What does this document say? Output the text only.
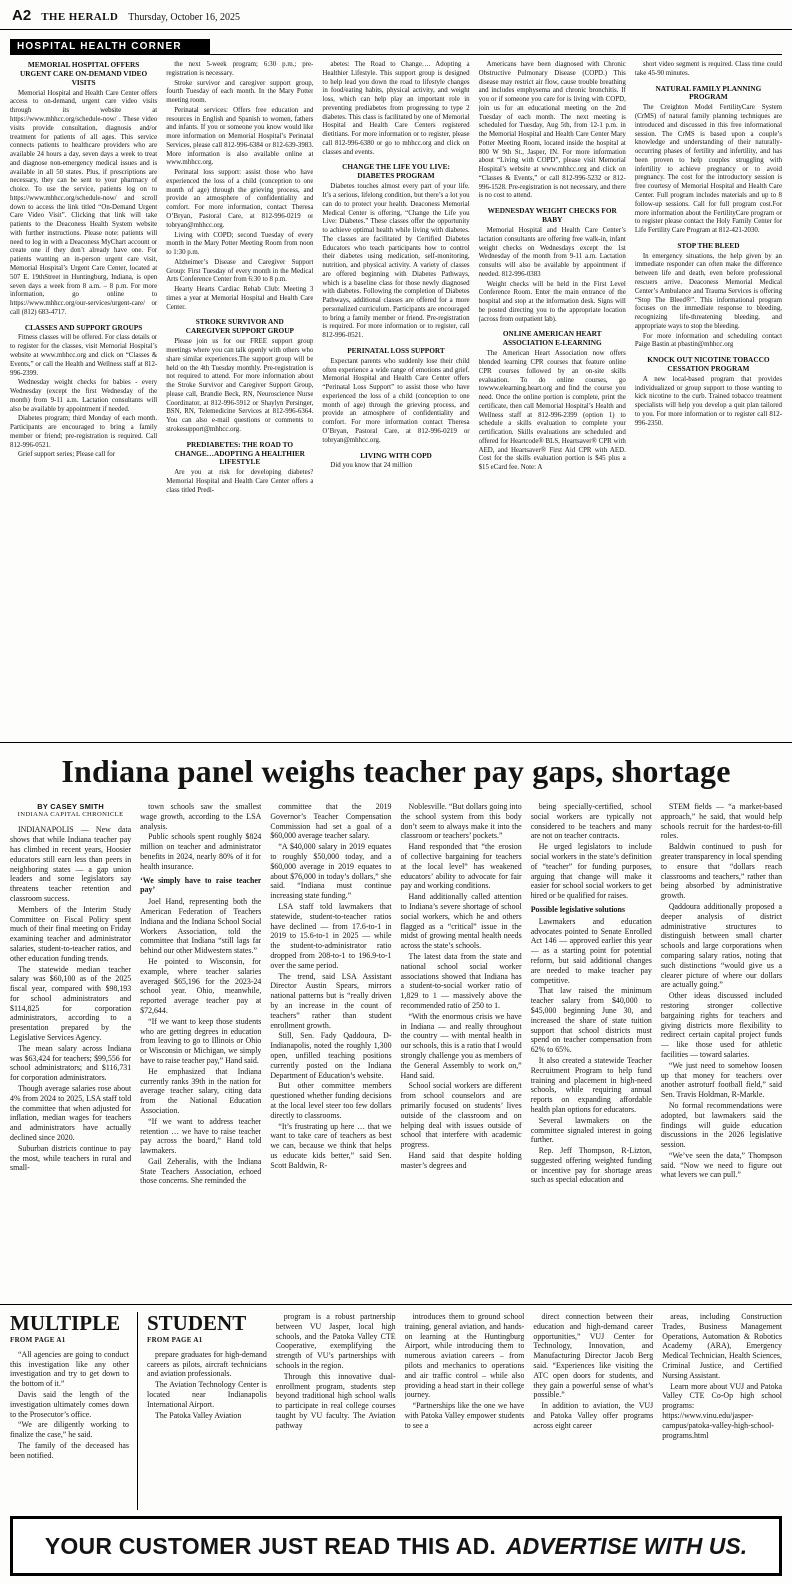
A2 THE HERALD Thursday, October 16, 2025
HOSPITAL HEALTH CORNER
MEMORIAL HOSPITAL OFFERS URGENT CARE ON-DEMAND VIDEO VISITS
Memorial Hospital and Health Care Center offers access to on-demand, urgent care video visits through its website at https://www.mhhcc.org/schedule-now/ . These video visits provide consultation, diagnosis and/or treatment for patients of all ages. This service connects patients to healthcare providers who are available 24 hours a day, seven days a week to treat and diagnose non-emergency medical issues and is available in all 50 states. Plus, if prescriptions are necessary, they can be sent to your pharmacy of choice. To use the service, patients log on to https://www.mhhcc.org/schedule-now/ and scroll down to access the link titled “On-Demand Urgent Care Video Visit”. Clicking that link will take patients to the Deaconess Health System website with further instructions. Please note: patients will need to log in with a Deaconess MyChart account or create one if they don’t already have one. For patients wanting an in-person urgent care visit, Memorial Hospital’s Urgent Care Center, located at 507 E. 19thStreet in Huntingburg, Indiana, is open seven days a week from 8 a.m. – 8 p.m. For more information, go online to https://www.mhhcc.org/our-services/urgent-care/ or call (812) 683-4717.
CLASSES AND SUPPORT GROUPS
Fitness classes will be offered. For class details or to register for the classes, visit Memorial Hospital’s website at www.mhhcc.org and click on “Classes & Events,” or call the Health and Wellness staff at 812-996-2399.
Wednesday weight checks for babies - every Wednesday (except the first Wednesday of the month) from 9-11 a.m. Lactation consultants will also be available by appointment if needed.
Diabetes program; third Monday of each month. Participants are encouraged to bring a family member or friend; pre-registration is required. Call 812-996-0521.
Grief support series; Please call for
the next 5-week program; 6:30 p.m.; pre-registration is necessary.
Stroke survivor and caregiver support group, fourth Tuesday of each month. In the Mary Potter meeting room.
Perinatal services: Offers free education and resources in English and Spanish to women, fathers and infants. If you or someone you know would like more information on Memorial Hospital’s Perinatal Services, please call 812-996-6384 or 812-639-3983. More information is also available online at www.mhhcc.org.
Perinatal loss support: assist those who have experienced the loss of a child (conception to one month of age) through the grieving process, and provide an atmosphere of confidentiality and comfort. For more information, contact Theresa O’Bryan, Pastoral Care, at 812-996-0219 or tobryan@mhhcc.org.
Living with COPD; second Tuesday of every month in the Mary Potter Meeting Room from noon to 1:30 p.m.
Alzheimer’s Disease and Caregiver Support Group: First Tuesday of every month in the Medical Arts Conference Center from 6:30 to 8 p.m.
Hearty Hearts Cardiac Rehab Club: Meeting 3 times a year at Memorial Hospital and Health Care Center.
STROKE SURVIVOR AND CAREGIVER SUPPORT GROUP
Please join us for our FREE support group meetings where you can talk openly with others who share similar experiences.The support group will be held on the 4th Tuesday monthly. Pre-registration is not required to attend. For more information about the Stroke Survivor and Caregiver Support Group, please call, Brandie Beck, RN, Neuroscience Nurse Coordinator, at 812-996-5912 or Shaylyn Persinger, BSN, RN, Telemedicine Services at 812-996-6364. You can also e-mail questions or comments to strokesupport@mhhcc.org.
PREDIABETES: THE ROAD TO CHANGE…ADOPTING A HEALTHIER LIFESTYLE
Are you at risk for developing diabetes? Memorial Hospital and Health Care Center offers a class titled Predi-
abetes: The Road to Change…. Adopting a Healthier Lifestyle. This support group is designed to help lead you down the road to lifestyle changes in food/eating habits, physical activity, and weight loss, which can help play an important role in preventing prediabetes from progressing to type 2 diabetes. This class is facilitated by one of Memorial Hospital and Health Care Centers registered dietitians. For more information or to register, please call 812-996-6380 or go to mhhcc.org and click on classes and events.
CHANGE THE LIFE YOU LIVE: DIABETES PROGRAM
Diabetes touches almost every part of your life. It’s a serious, lifelong condition, but there’s a lot you can do to protect your health. Deaconess Memorial Medical Center is offering, “Change the Life you Live: Diabetes.” These classes offer the opportunity to achieve optimal health while living with diabetes. The classes are facilitated by Certified Diabetes Educators who teach participants how to control their diabetes using medication, self-monitoring, nutrition, and physical activity. A variety of classes are offered beginning with Diabetes Pathways, which is a baseline class for those newly diagnosed with diabetes. Following the completion of Diabetes Pathways, additional classes are offered for a more personalized curriculum. Participants are encouraged to bring a family member or friend. Pre-registration is required. For more information or to register, call 812-996-0521.
PERINATAL LOSS SUPPORT
Expectant parents who suddenly lose their child often experience a wide range of emotions and grief. Memorial Hospital and Health Care Center offers “Perinatal Loss Support” to assist those who have experienced the loss of a child (conception to one month of age) through the grieving process, and provide an atmosphere of confidentiality and comfort. For more information contact Theresa O’Bryan, Pastoral Care, at 812-996-0219 or tobryan@mhhcc.org.
LIVING WITH COPD
Did you know that 24 million
Americans have been diagnosed with Chronic Obstructive Pulmonary Disease (COPD.) This disease may restrict air flow, cause trouble breathing and includes emphysema and chronic bronchitis. If you or if someone you care for is living with COPD, join us for an educational meeting on the 2nd Tuesday of each month. The next meeting is scheduled for Tuesday, Aug 5th, from 12-1 p.m. in the Memorial Hospital and Health Care Center Mary Potter Meeting Room, located inside the hospital at 800 W 9th St., Jasper, IN. For more information about “Living with COPD”, please visit Memorial Hospital’s website at www.mhhcc.org and click on “Classes & Events,” or call 812-996-5232 or 812-996-1528. Pre-registration is not necessary, and there is no cost to attend.
WEDNESDAY WEIGHT CHECKS FOR BABY
Memorial Hospital and Health Care Center’s lactation consultants are offering free walk-in, infant weight checks on Wednesdays except the 1st Wednesday of the month from 9-11 a.m. Lactation consults will also be available by appointment if needed. 812-996-0383
Weight checks will be held in the First Level Conference Room. Enter the main entrance of the hospital and stop at the information desk. Signs will be posted directing you to the appropriate location (across from outpatient lab).
ONLINE AMERICAN HEART ASSOCIATION E-LEARNING
The American Heart Association now offers blended learning CPR courses that feature online CPR courses followed by an on-site skills evaluation. To do online courses, go towww.elearning.heart.org and find the course you need. Once the online portion is complete, print the certificate, then call Memorial Hospital’s Health and Wellness staff at 812-996-2399 (option 1) to schedule a skills evaluation to complete your certification. Skills evaluations are scheduled and offered for Heartcode® BLS, Heartsaver® CPR with AED, and Heartsaver® First Aid CPR with AED. Cost for the skills evaluation portion is $45 plus a $15 eCard fee. Note: A
short video segment is required. Class time could take 45-90 minutes.
NATURAL FAMILY PLANNING PROGRAM
The Creighton Model FertilityCare System (CrMS) of natural family planning techniques are introduced and discussed in this free informational session. The CrMS is based upon a couple’s knowledge and understanding of their naturally-occurring phases of fertility and infertility, and has been proven to help couples struggling with infertility to achieve pregnancy or to avoid pregnancy. The cost for the introductory session is free courtesy of Memorial Hospital and Health Care Center. Full program includes materials and up to 8 follow-up sessions. Call for full program cost.For more information about the FertilityCare program or to register please contact the Holy Family Center for Life Fertility Care Program at 812-421-2030.
STOP THE BLEED
In emergency situations, the help given by an immediate responder can often make the difference between life and death, even before professional rescuers arrive. Deaconess Memorial Medical Center’s Ambulance and Trauma Services is offering “Stop The Bleed®”. This informational program focuses on the immediate response to bleeding, recognizing life-threatening bleeding, and appropriate ways to stop the bleeding.
For more information and scheduling contact Paige Bastin at pbastin@mhhcc.org
KNOCK OUT NICOTINE TOBACCO CESSATION PROGRAM
A new local-based program that provides individualized or group support to those wanting to kick nicotine to the curb. Trained tobacco treatment specialists will help you develop a quit plan tailored to you. For more information or to register call 812-996-2350.
Indiana panel weighs teacher pay gaps, shortage
BY CASEY SMITH
INDIANA CAPITAL CHRONICLE
INDIANAPOLIS — New data shows that while Indiana teacher pay has climbed in recent years, Hoosier educators still earn less than peers in neighboring states — a gap union leaders and some legislators say threatens teacher retention and classroom success.
Members of the Interim Study Committee on Fiscal Policy spent much of their final meeting on Friday examining teacher and administrator salaries, student-to-teacher ratios, and other education funding trends.
The statewide median teacher salary was $60,100 as of the 2025 fiscal year, compared with $98,193 for school administrators and $114,825 for corporation administrators, according to a presentation prepared by the Legislative Services Agency.
The mean salary across Indiana was $63,424 for teachers; $99,556 for school administrators; and $116,731 for corporation administrators.
Though average salaries rose about 4% from 2024 to 2025, LSA staff told the committee that when adjusted for inflation, median wages for teachers and administrators have actually declined since 2020.
Suburban districts continue to pay the most, while teachers in rural and small-
town schools saw the smallest wage growth, according to the LSA analysis.
Public schools spent roughly $824 million on teacher and administrator benefits in 2024, nearly 80% of it for health insurance.
‘We simply have to raise teacher pay’
Joel Hand, representing both the American Federation of Teachers Indiana and the Indiana School Social Workers Association, told the committee that Indiana “still lags far behind our other Midwestern states.”
He pointed to Wisconsin, for example, where teacher salaries averaged $65,196 for the 2023-24 school year. Ohio, meanwhile, reported average teacher pay at $72,644.
“If we want to keep those students who are getting degrees in education from leaving to go to Illinois or Ohio or Wisconsin or Michigan, we simply have to raise teacher pay,” Hand said.
He emphasized that Indiana currently ranks 39th in the nation for average teacher salary, citing data from the National Education Association.
“If we want to address teacher retention … we have to raise teacher pay across the board,” Hand told lawmakers.
Gail Zeheralis, with the Indiana State Teachers Association, echoed those concerns. She reminded the
committee that the 2019 Governor’s Teacher Compensation Commission had set a goal of a $60,000 average teacher salary.
“A $40,000 salary in 2019 equates to roughly $50,000 today, and a $60,000 average in 2019 equates to about $76,000 in today’s dollars,” she said. “Indiana must continue increasing state funding.”
LSA staff told lawmakers that statewide, student-to-teacher ratios have declined — from 17.6-to-1 in 2019 to 15.6-to-1 in 2025 — while the student-to-administrator ratio dropped from 208-to-1 to 196.9-to-1 over the same period.
The trend, said LSA Assistant Director Austin Spears, mirrors national patterns but is “really driven by an increase in the count of teachers” rather than student enrollment growth.
Still, Sen. Fady Qaddoura, D-Indianapolis, noted the roughly 1,300 open, unfilled teaching positions currently posted on the Indiana Department of Education’s website.
But other committee members questioned whether funding decisions at the local level steer too few dollars directly to classrooms.
“It’s frustrating up here … that we want to take care of teachers as best we can, because we think that helps us educate kids better,” said Sen. Scott Baldwin, R-
Noblesville. “But dollars going into the school system from this body don’t seem to always make it into the classroom or teachers’ pockets.”
Hand responded that “the erosion of collective bargaining for teachers at the local level” has weakened educators’ ability to advocate for fair pay and working conditions.
Hand additionally called attention to Indiana’s severe shortage of school social workers, which he and others flagged as a “critical” issue in the midst of growing mental health needs across the state’s schools.
The latest data from the state and national school social worker associations showed that Indiana has a student-to-social worker ratio of 1,829 to 1 — massively above the recommended ratio of 250 to 1.
“With the enormous crisis we have in Indiana — and really throughout the country — with mental health in our schools, this is a ratio that I would strongly challenge you as members of the General Assembly to work on,” Hand said.
School social workers are different from school counselors and are primarily focused on students’ lives outside of the classroom and on helping deal with issues outside of school that interfere with academic progress.
Hand said that despite holding master’s degrees and
being specially-certified, school social workers are typically not considered to be teachers and many are not on teacher contracts.
He urged legislators to include social workers in the state’s definition of “teacher” for funding purposes, arguing that change will make it easier for school social workers to get hired or be qualified for raises.
Possible legislative solutions
Lawmakers and education advocates pointed to Senate Enrolled Act 146 — approved earlier this year — as a starting point for potential reform, but said additional changes are needed to make teacher pay competitive.
That law raised the minimum teacher salary from $40,000 to $45,000 beginning June 30, and increased the share of state tuition support that school districts must spend on teacher compensation from 62% to 65%.
It also created a statewide Teacher Recruitment Program to help fund training and placement in high-need schools, while requiring annual reports on expanding affordable health plan options for educators.
Several lawmakers on the committee signaled interest in going further.
Rep. Jeff Thompson, R-Lizton, suggested offering weighted funding or incentive pay for shortage areas such as special education and
STEM fields — “a market-based approach,” he said, that would help schools recruit for the hardest-to-fill roles.
Baldwin continued to push for greater transparency in local spending to ensure that “dollars reach classrooms and teachers,” rather than being absorbed by administrative growth.
Qaddoura additionally proposed a deeper analysis of district administrative structures to distinguish between small charter schools and large corporations when comparing salary ratios, noting that such distinctions “would give us a clearer picture of where our dollars are actually going.”
Other ideas discussed included restoring stronger collective bargaining rights for teachers and giving districts more flexibility to redirect certain capital project funds — like those used for athletic facilities — toward salaries.
“We just need to somehow loosen up that money for teachers over another astroturf football field,” said Sen. Travis Holdman, R-Markle.
No formal recommendations were adopted, but lawmakers said the findings will guide education discussions in the 2026 legislative session.
“We’ve seen the data,” Thompson said. “Now we need to figure out what levers we can pull.”
MULTIPLE
FROM PAGE A1
“All agencies are going to conduct this investigation like any other investigation and try to get down to the bottom of it.”
Davis said the length of the investigation ultimately comes down to the Prosecutor’s office.
“We are diligently working to finalize the case,” he said.
The family of the deceased has been notified.
STUDENT
FROM PAGE A1
prepare graduates for high-demand careers as pilots, aircraft technicians and aviation professionals.
The Aviation Technology Center is located near Indianapolis International Airport.
The Patoka Valley Aviation
program is a robust partnership between VU Jasper, local high schools, and the Patoka Valley CTE Cooperative, exemplifying the strength of VU’s partnerships with schools in the region.
Through this innovative dual-enrollment program, students step beyond traditional high school walls to participate in real college courses taught by VU faculty. The Aviation pathway
introduces them to ground school training, general aviation, and hands-on learning at the Huntingburg Airport, while introducing them to numerous aviation careers – from pilots and mechanics to operations and air traffic control – while also providing a head start in their college journey.
“Partnerships like the one we have with Patoka Valley empower students to see a
direct connection between their education and high-demand career opportunities,” VUJ Center for Technology, Innovation, and Manufacturing Director Jacob Berg said. “Experiences like visiting the ATC open doors for students, and they gain a powerful sense of what’s possible.”
In addition to aviation, the VUJ and Patoka Valley offer programs across eight career
areas, including Construction Trades, Business Management Operations, Automation & Robotics Academy (ARA), Emergency Medical Technician, Health Sciences, Criminal Justice, and Certified Nursing Assistant.
Learn more about VUJ and Patoka Valley CTE Co-Op high school programs: https://www.vinu.edu/jasper-campus/patoka-valley-high-school-programs.html
YOUR CUSTOMER JUST READ THIS AD. ADVERTISE WITH US.
